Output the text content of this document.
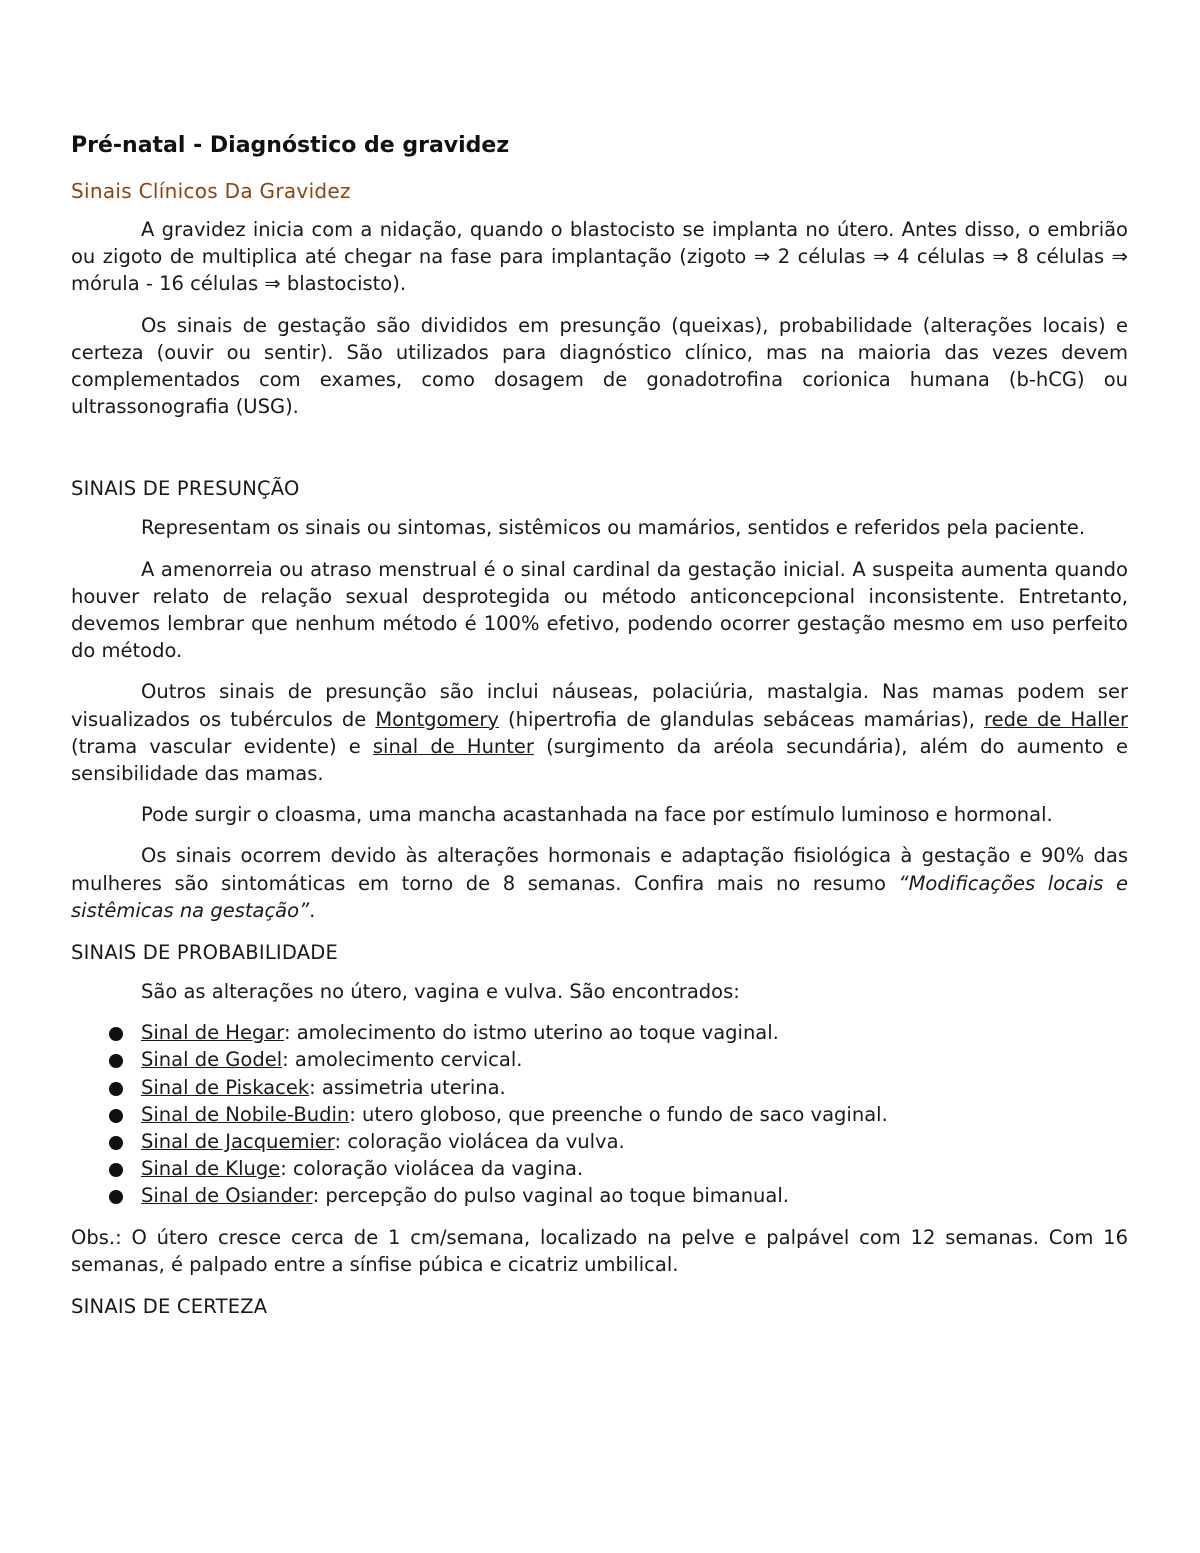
Pré-natal - Diagnóstico de gravidez
Sinais Clínicos Da Gravidez

A gravidez inicia com a nidação, quando o blastocisto se implanta no útero. Antes disso, o embrião ou zigoto de multiplica até chegar na fase para implantação (zigoto ⇒ 2 células ⇒ 4 células ⇒ 8 células ⇒ mórula - 16 células ⇒ blastocisto).

Os sinais de gestação são divididos em presunção (queixas), probabilidade (alterações locais) e certeza (ouvir ou sentir). São utilizados para diagnóstico clínico, mas na maioria das vezes devem complementados com exames, como dosagem de gonadotrofina corionica humana (b-hCG) ou ultrassonografia (USG).

SINAIS DE PRESUNÇÃO

Representam os sinais ou sintomas, sistêmicos ou mamários, sentidos e referidos pela paciente.

A amenorreia ou atraso menstrual é o sinal cardinal da gestação inicial. A suspeita aumenta quando houver relato de relação sexual desprotegida ou método anticoncepcional inconsistente. Entretanto, devemos lembrar que nenhum método é 100% efetivo, podendo ocorrer gestação mesmo em uso perfeito do método.

Outros sinais de presunção são inclui náuseas, polaciúria, mastalgia. Nas mamas podem ser visualizados os tubérculos de Montgomery (hipertrofia de glandulas sebáceas mamárias), rede de Haller (trama vascular evidente) e sinal de Hunter (surgimento da aréola secundária), além do aumento e sensibilidade das mamas.

Pode surgir o cloasma, uma mancha acastanhada na face por estímulo luminoso e hormonal.

Os sinais ocorrem devido às alterações hormonais e adaptação fisiológica à gestação e 90% das mulheres são sintomáticas em torno de 8 semanas. Confira mais no resumo “Modificações locais e sistêmicas na gestação”.

SINAIS DE PROBABILIDADE

São as alterações no útero, vagina e vulva. São encontrados:

Sinal de Hegar: amolecimento do istmo uterino ao toque vaginal.
Sinal de Godel: amolecimento cervical.
Sinal de Piskacek: assimetria uterina.
Sinal de Nobile-Budin: utero globoso, que preenche o fundo de saco vaginal.
Sinal de Jacquemier: coloração violácea da vulva.
Sinal de Kluge: coloração violácea da vagina.
Sinal de Osiander: percepção do pulso vaginal ao toque bimanual.

Obs.: O útero cresce cerca de 1 cm/semana, localizado na pelve e palpável com 12 semanas. Com 16 semanas, é palpado entre a sínfise púbica e cicatriz umbilical.

SINAIS DE CERTEZA
